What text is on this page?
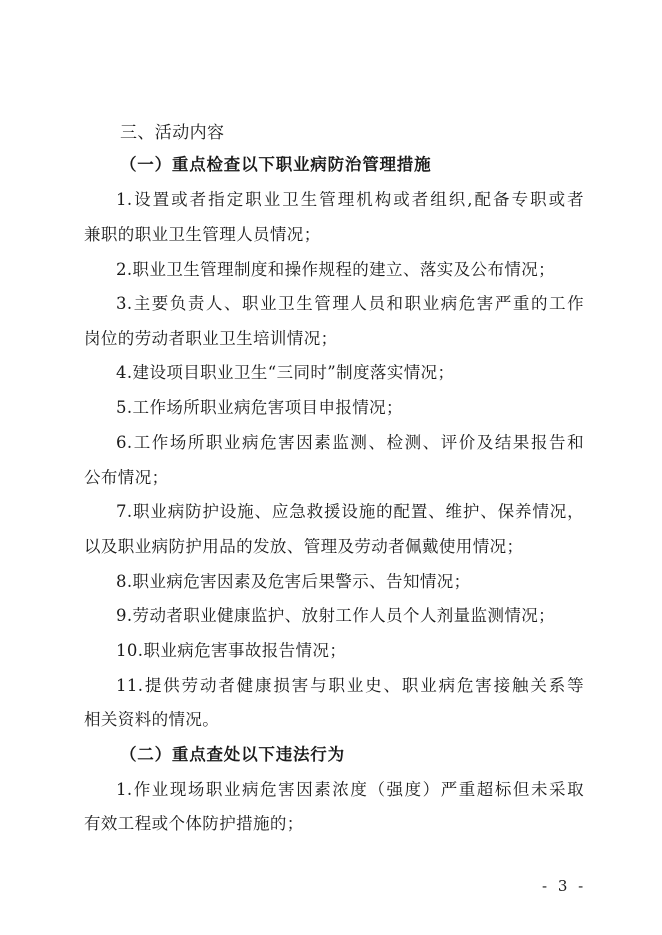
三、活动内容
（一）重点检查以下职业病防治管理措施
1.设置或者指定职业卫生管理机构或者组织,配备专职或者
兼职的职业卫生管理人员情况；
2.职业卫生管理制度和操作规程的建立、落实及公布情况；
3.主要负责人、职业卫生管理人员和职业病危害严重的工作
岗位的劳动者职业卫生培训情况；
4.建设项目职业卫生“三同时”制度落实情况；
5.工作场所职业病危害项目申报情况；
6.工作场所职业病危害因素监测、检测、评价及结果报告和
公布情况；
7.职业病防护设施、应急救援设施的配置、维护、保养情况，
以及职业病防护用品的发放、管理及劳动者佩戴使用情况；
8.职业病危害因素及危害后果警示、告知情况；
9.劳动者职业健康监护、放射工作人员个人剂量监测情况；
10.职业病危害事故报告情况；
11.提供劳动者健康损害与职业史、职业病危害接触关系等
相关资料的情况。
（二）重点查处以下违法行为
1.作业现场职业病危害因素浓度（强度）严重超标但未采取
有效工程或个体防护措施的；
- 3 -
